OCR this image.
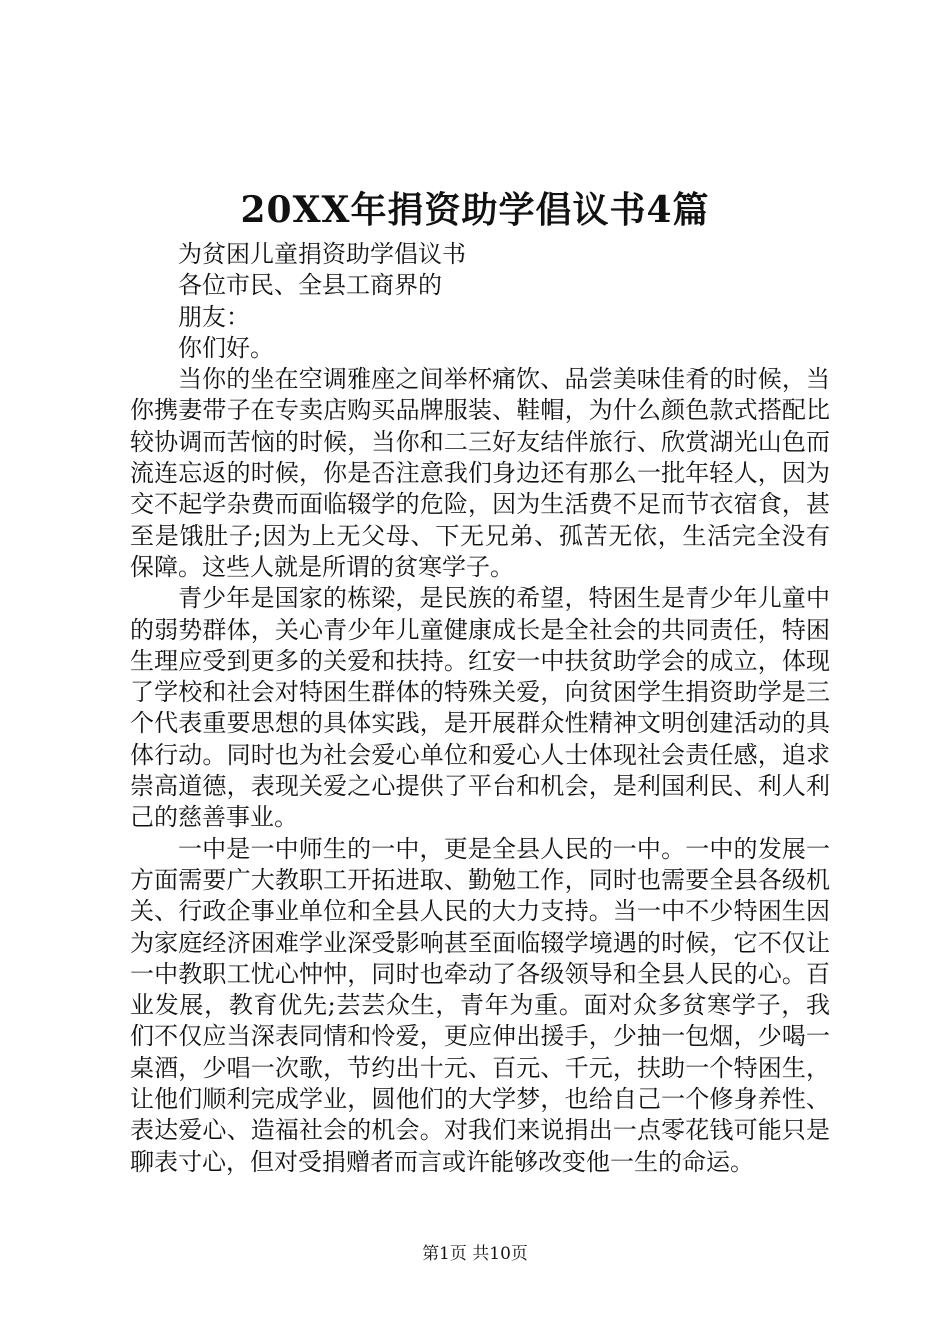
20XX年捐资助学倡议书4篇

为贫困儿童捐资助学倡议书

各位市民、全县工商界的

朋友：

你们好。

当你的坐在空调雅座之间举杯痛饮、品尝美味佳肴的时候，当你携妻带子在专卖店购买品牌服装、鞋帽，为什么颜色款式搭配比较协调而苦恼的时候，当你和二三好友结伴旅行、欣赏湖光山色而流连忘返的时候，你是否注意我们身边还有那么一批年轻人，因为交不起学杂费而面临辍学的危险，因为生活费不足而节衣宿食，甚至是饿肚子;因为上无父母、下无兄弟、孤苦无依，生活完全没有保障。这些人就是所谓的贫寒学子。

青少年是国家的栋梁，是民族的希望，特困生是青少年儿童中的弱势群体，关心青少年儿童健康成长是全社会的共同责任，特困生理应受到更多的关爱和扶持。红安一中扶贫助学会的成立，体现了学校和社会对特困生群体的特殊关爱，向贫困学生捐资助学是三个代表重要思想的具体实践，是开展群众性精神文明创建活动的具体行动。同时也为社会爱心单位和爱心人士体现社会责任感，追求崇高道德，表现关爱之心提供了平台和机会，是利国利民、利人利己的慈善事业。

一中是一中师生的一中，更是全县人民的一中。一中的发展一方面需要广大教职工开拓进取、勤勉工作，同时也需要全县各级机关、行政企事业单位和全县人民的大力支持。当一中不少特困生因为家庭经济困难学业深受影响甚至面临辍学境遇的时候，它不仅让一中教职工忧心忡忡，同时也牵动了各级领导和全县人民的心。百业发展，教育优先;芸芸众生，青年为重。面对众多贫寒学子，我们不仅应当深表同情和怜爱，更应伸出援手，少抽一包烟，少喝一桌酒，少唱一次歌，节约出十元、百元、千元，扶助一个特困生，让他们顺利完成学业，圆他们的大学梦，也给自己一个修身养性、表达爱心、造福社会的机会。对我们来说捐出一点零花钱可能只是聊表寸心，但对受捐赠者而言或许能够改变他一生的命运。

第1页 共10页
